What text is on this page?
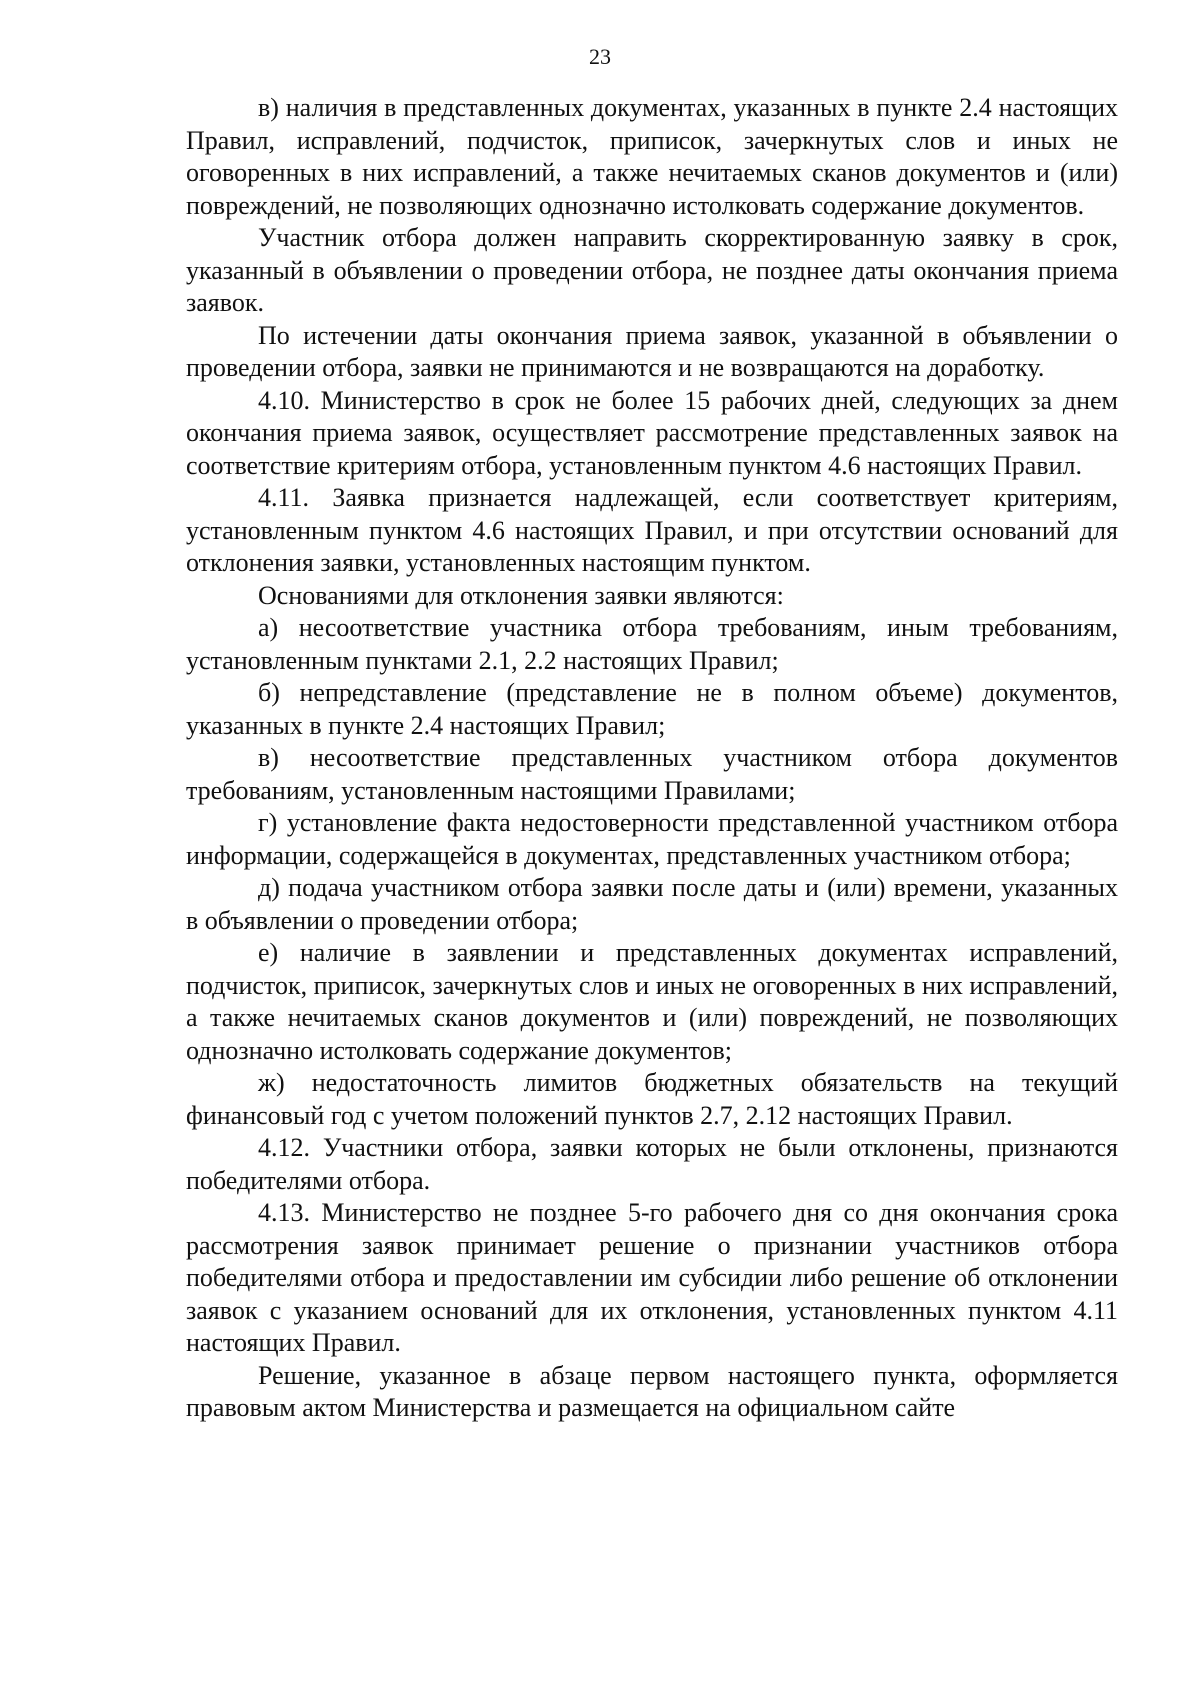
23

в) наличия в представленных документах, указанных в пункте 2.4 настоящих Правил, исправлений, подчисток, приписок, зачеркнутых слов и иных не оговоренных в них исправлений, а также нечитаемых сканов документов и (или) повреждений, не позволяющих однозначно истолковать содержание документов.

Участник отбора должен направить скорректированную заявку в срок, указанный в объявлении о проведении отбора, не позднее даты окончания приема заявок.

По истечении даты окончания приема заявок, указанной в объявлении о проведении отбора, заявки не принимаются и не возвращаются на доработку.

4.10. Министерство в срок не более 15 рабочих дней, следующих за днем окончания приема заявок, осуществляет рассмотрение представленных заявок на соответствие критериям отбора, установленным пунктом 4.6 настоящих Правил.

4.11. Заявка признается надлежащей, если соответствует критериям, установленным пунктом 4.6 настоящих Правил, и при отсутствии оснований для отклонения заявки, установленных настоящим пунктом.

Основаниями для отклонения заявки являются:

а) несоответствие участника отбора требованиям, иным требованиям, установленным пунктами 2.1, 2.2 настоящих Правил;

б) непредставление (представление не в полном объеме) документов, указанных в пункте 2.4 настоящих Правил;

в) несоответствие представленных участником отбора документов требованиям, установленным настоящими Правилами;

г) установление факта недостоверности представленной участником отбора информации, содержащейся в документах, представленных участником отбора;

д) подача участником отбора заявки после даты и (или) времени, указанных в объявлении о проведении отбора;

е) наличие в заявлении и представленных документах исправлений, подчисток, приписок, зачеркнутых слов и иных не оговоренных в них исправлений, а также нечитаемых сканов документов и (или) повреждений, не позволяющих однозначно истолковать содержание документов;

ж) недостаточность лимитов бюджетных обязательств на текущий финансовый год с учетом положений пунктов 2.7, 2.12 настоящих Правил.

4.12. Участники отбора, заявки которых не были отклонены, признаются победителями отбора.

4.13. Министерство не позднее 5-го рабочего дня со дня окончания срока рассмотрения заявок принимает решение о признании участников отбора победителями отбора и предоставлении им субсидии либо решение об отклонении заявок с указанием оснований для их отклонения, установленных пунктом 4.11 настоящих Правил.

Решение, указанное в абзаце первом настоящего пункта, оформляется правовым актом Министерства и размещается на официальном сайте
